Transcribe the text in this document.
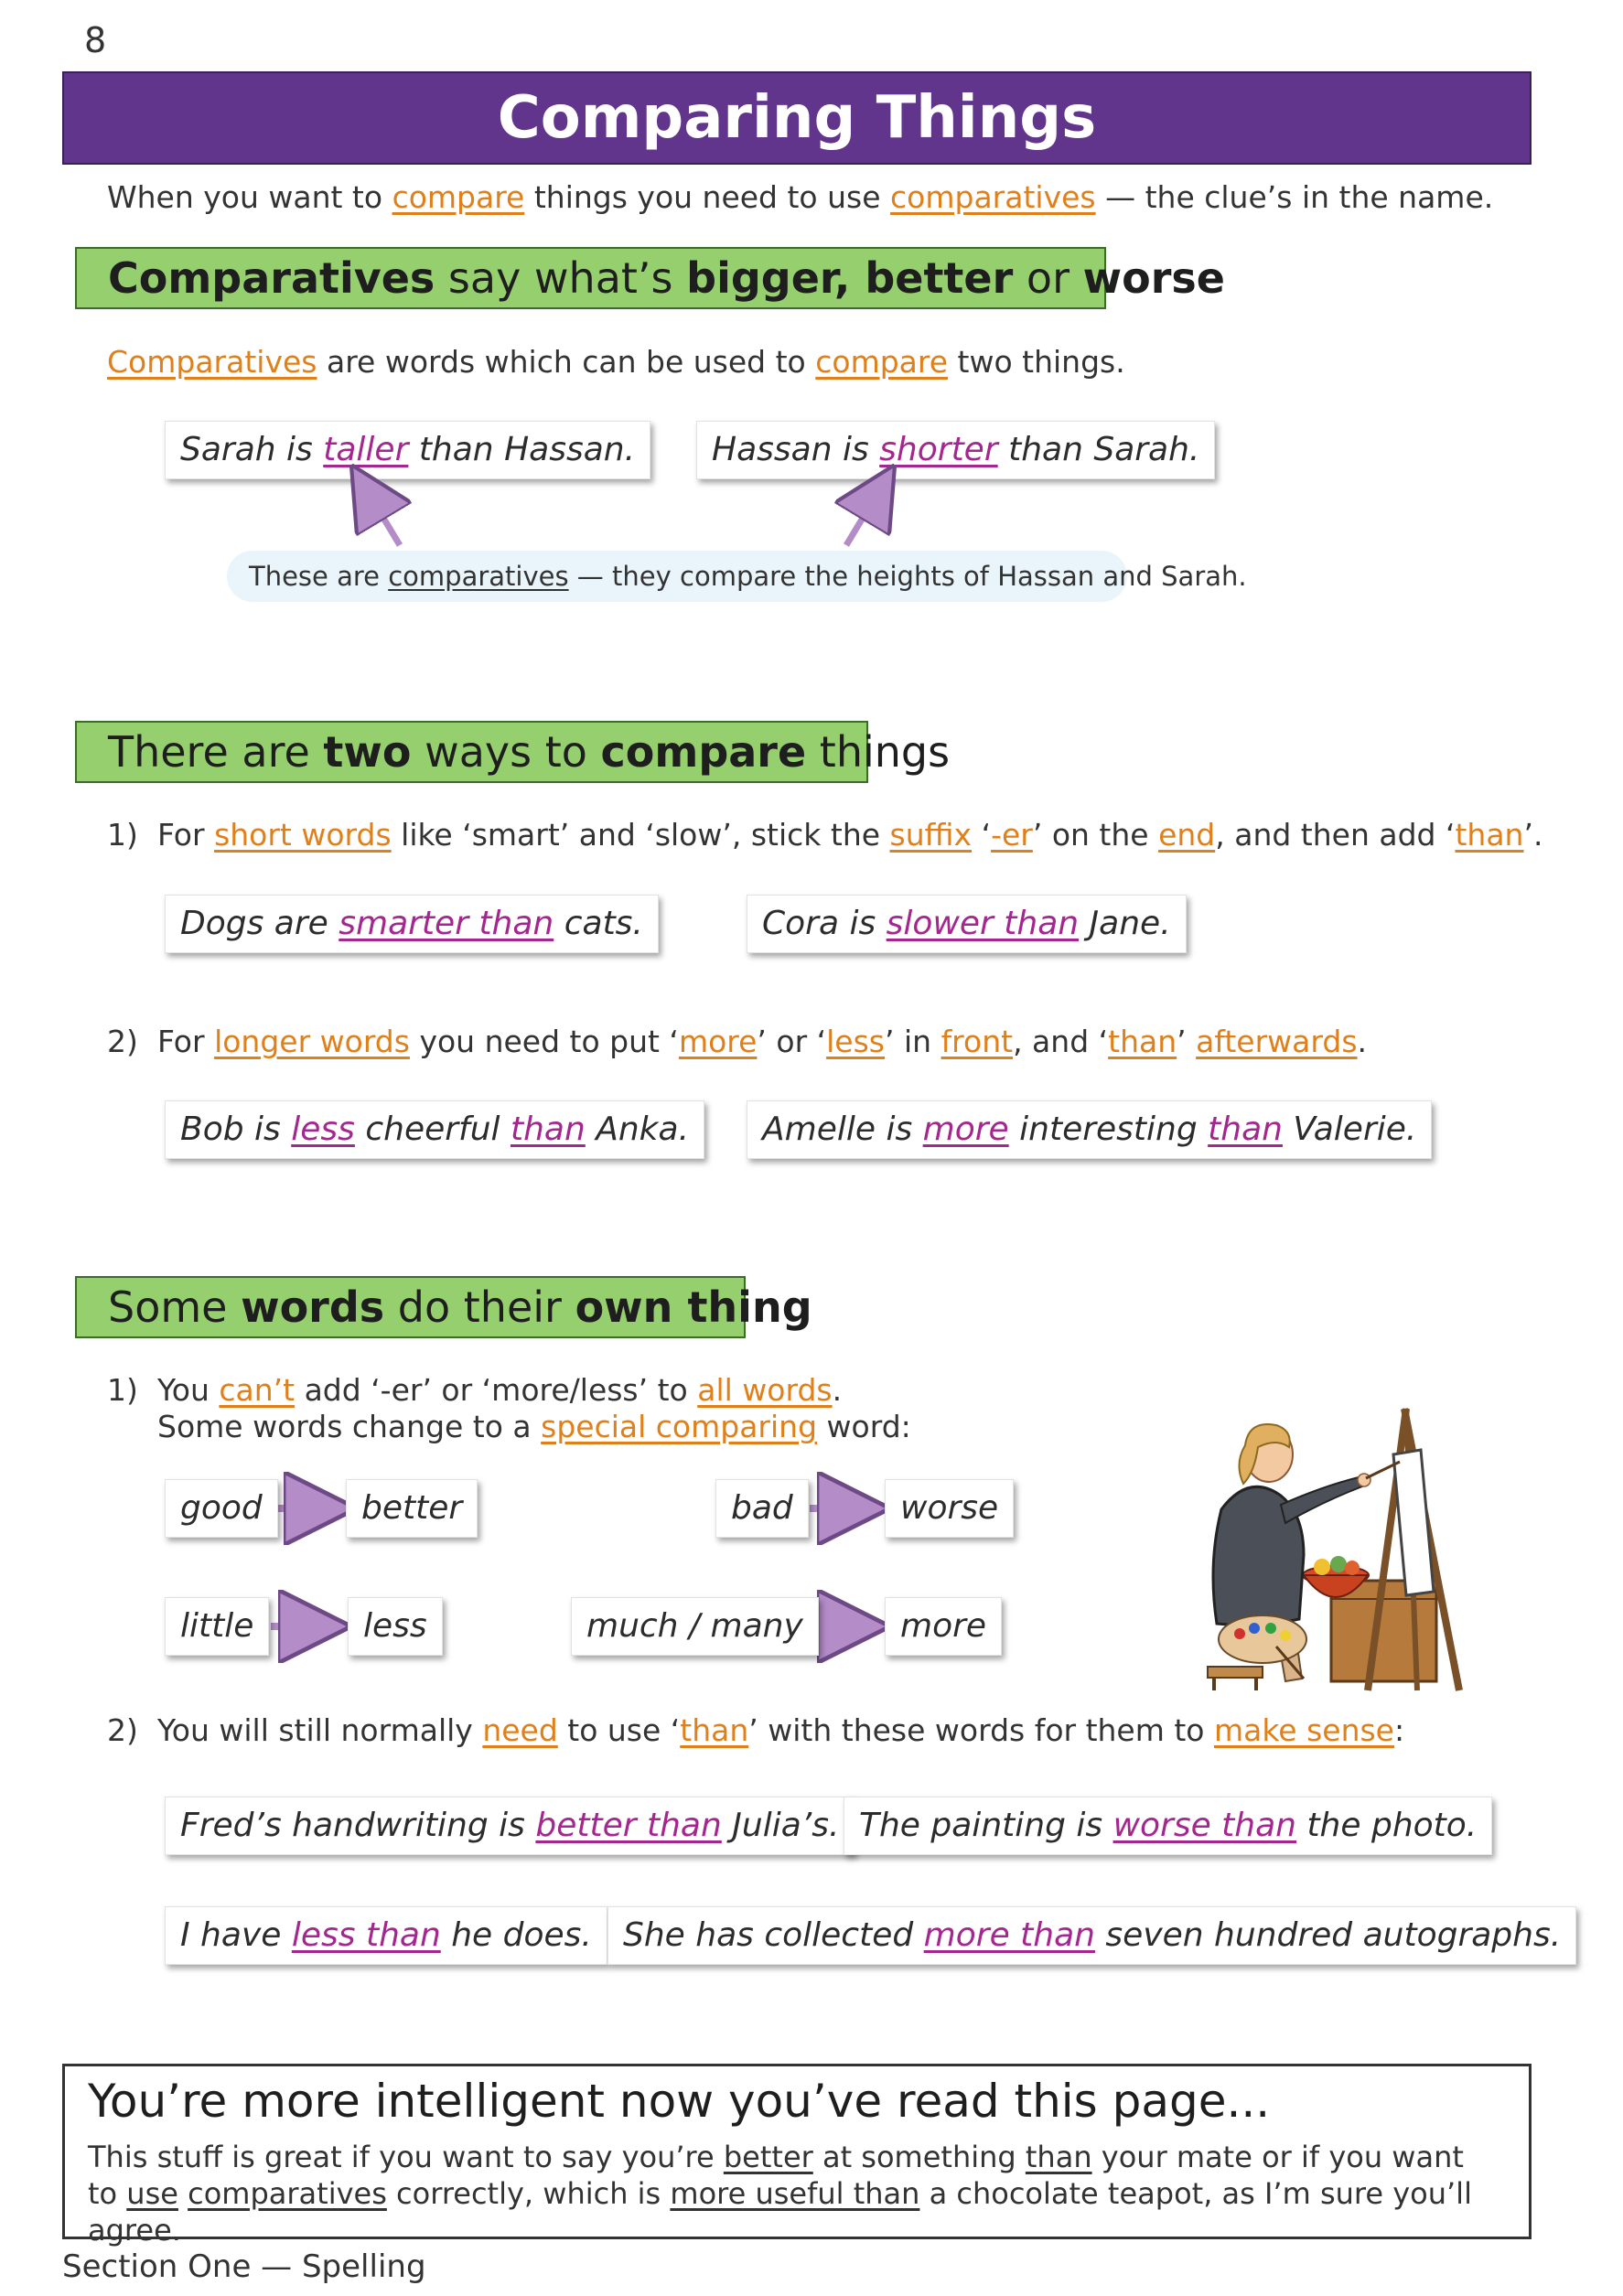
8
Comparing Things
When you want to compare things you need to use comparatives — the clue’s in the name.
Comparatives say what’s bigger, better or worse
Comparatives are words which can be used to compare two things.
Sarah is taller than Hassan.	Hassan is shorter than Sarah.
These are comparatives — they compare the heights of Hassan and Sarah.
There are two ways to compare things
1) For short words like ‘smart’ and ‘slow’, stick the suffix ‘-er’ on the end, and then add ‘than’.
Dogs are smarter than cats.	Cora is slower than Jane.
2) For longer words you need to put ‘more’ or ‘less’ in front, and ‘than’ afterwards.
Bob is less cheerful than Anka.	Amelle is more interesting than Valerie.
Some words do their own thing
1) You can’t add ‘-er’ or ‘more/less’ to all words.
Some words change to a special comparing word:
good	better	bad	worse
little	less	much / many	more
2) You will still normally need to use ‘than’ with these words for them to make sense:
Fred’s handwriting is better than Julia’s. The painting is worse than the photo.
I have less than he does. She has collected more than seven hundred autographs.
You’re more intelligent now you’ve read this page...
This stuff is great if you want to say you’re better at something than your mate or if you want to use comparatives correctly, which is more useful than a chocolate teapot, as I’m sure you’ll agree.
Section One — Spelling
